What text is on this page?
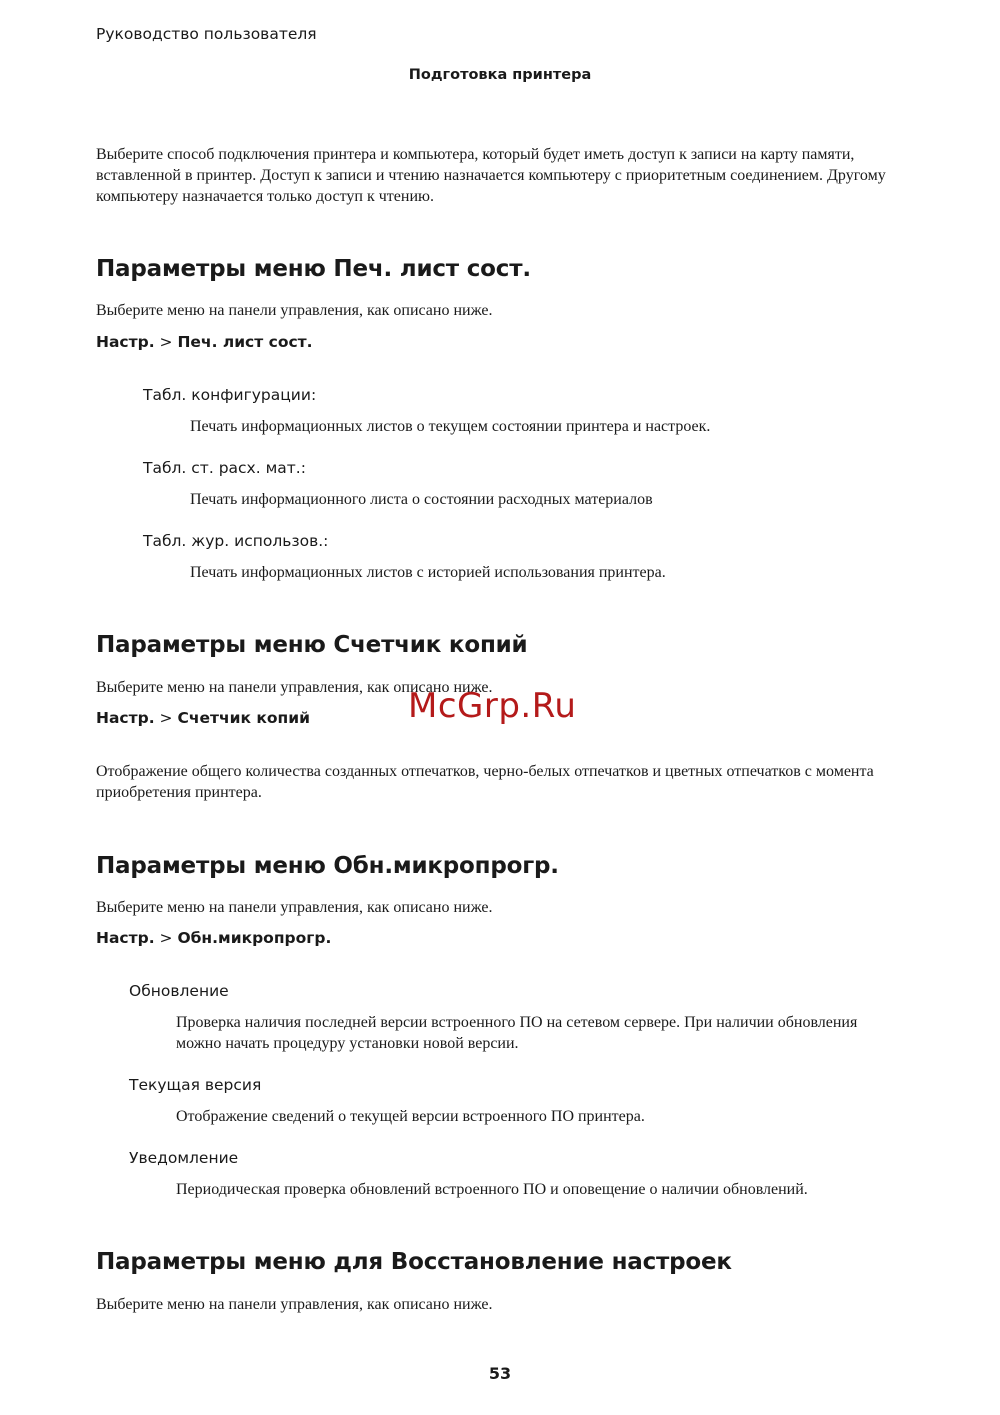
Руководство пользователя

Подготовка принтера

Выберите способ подключения принтера и компьютера, который будет иметь доступ к записи на карту памяти, вставленной в принтер. Доступ к записи и чтению назначается компьютеру с приоритетным соединением. Другому компьютеру назначается только доступ к чтению.

Параметры меню Печ. лист сост.

Выберите меню на панели управления, как описано ниже.

Настр. > Печ. лист сост.

Табл. конфигурации:

Печать информационных листов о текущем состоянии принтера и настроек.

Табл. ст. расх. мат.:

Печать информационного листа о состоянии расходных материалов

Табл. жур. использов.:

Печать информационных листов с историей использования принтера.

Параметры меню Счетчик копий

Выберите меню на панели управления, как описано ниже.

Настр. > Счетчик копий

Отображение общего количества созданных отпечатков, черно-белых отпечатков и цветных отпечатков с момента приобретения принтера.

McGrp.Ru

Параметры меню Обн.микропрогр.

Выберите меню на панели управления, как описано ниже.

Настр. > Обн.микропрогр.

Обновление

Проверка наличия последней версии встроенного ПО на сетевом сервере. При наличии обновления можно начать процедуру установки новой версии.

Текущая версия

Отображение сведений о текущей версии встроенного ПО принтера.

Уведомление

Периодическая проверка обновлений встроенного ПО и оповещение о наличии обновлений.

Параметры меню для Восстановление настроек

Выберите меню на панели управления, как описано ниже.

53
